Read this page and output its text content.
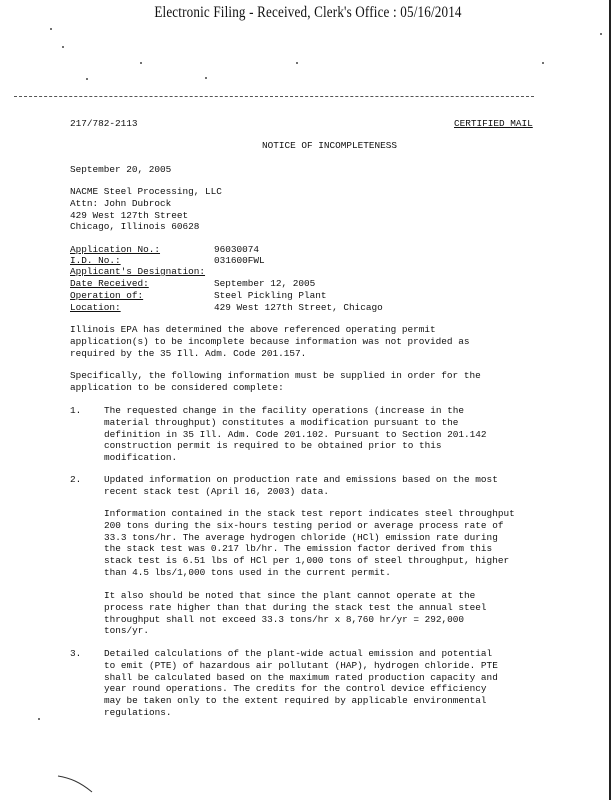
Electronic Filing - Received, Clerk's Office : 05/16/2014
217/782-2113	CERTIFIED MAIL
NOTICE OF INCOMPLETENESS
September 20, 2005
NACME Steel Processing, LLC
Attn: John Dubrock
429 West 127th Street
Chicago, Illinois 60628
Application No.:	96030074
I.D. No.:	031600FWL
Applicant's Designation:
Date Received:	September 12, 2005
Operation of:	Steel Pickling Plant
Location:	429 West 127th Street, Chicago
Illinois EPA has determined the above referenced operating permit
application(s) to be incomplete because information was not provided as
required by the 35 Ill. Adm. Code 201.157.
Specifically, the following information must be supplied in order for the
application to be considered complete:
1. The requested change in the facility operations (increase in the
material throughput) constitutes a modification pursuant to the
definition in 35 Ill. Adm. Code 201.102. Pursuant to Section 201.142
construction permit is required to be obtained prior to this
modification.
2. Updated information on production rate and emissions based on the most
recent stack test (April 16, 2003) data.
Information contained in the stack test report indicates steel throughput
200 tons during the six-hours testing period or average process rate of
33.3 tons/hr. The average hydrogen chloride (HCl) emission rate during
the stack test was 0.217 lb/hr. The emission factor derived from this
stack test is 6.51 lbs of HCl per 1,000 tons of steel throughput, higher
than 4.5 lbs/1,000 tons used in the current permit.
It also should be noted that since the plant cannot operate at the
process rate higher than that during the stack test the annual steel
throughput shall not exceed 33.3 tons/hr x 8,760 hr/yr = 292,000
tons/yr.
3. Detailed calculations of the plant-wide actual emission and potential
to emit (PTE) of hazardous air pollutant (HAP), hydrogen chloride. PTE
shall be calculated based on the maximum rated production capacity and
year round operations. The credits for the control device efficiency
may be taken only to the extent required by applicable environmental
regulations.
